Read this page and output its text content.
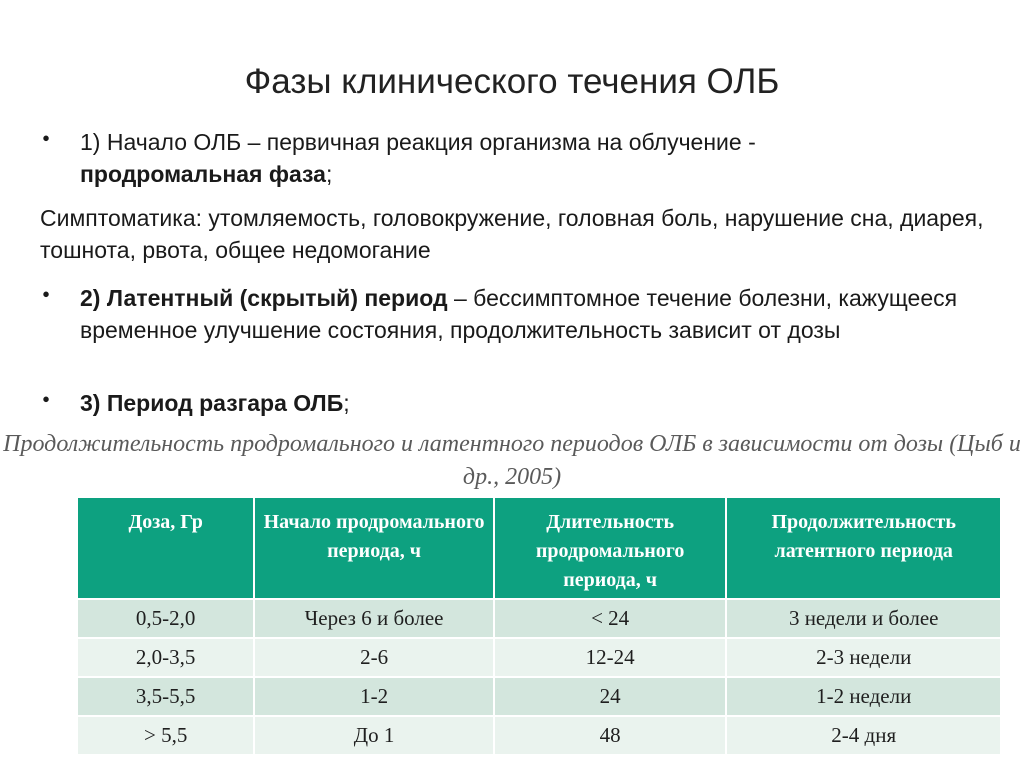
Фазы клинического течения ОЛБ
• 1) Начало ОЛБ – первичная реакция организма на облучение -
продромальная фаза;
Симптоматика: утомляемость, головокружение, головная боль, нарушение сна, диарея, тошнота, рвота, общее недомогание
• 2) Латентный (скрытый) период – бессимптомное течение болезни, кажущееся временное улучшение состояния, продолжительность зависит от дозы
• 3) Период разгара ОЛБ;
Продолжительность продромального и латентного периодов ОЛБ в зависимости от дозы (Цыб и др., 2005)
Доза, Гр	Начало продромального периода, ч	Длительность продромального периода, ч	Продолжительность латентного периода
0,5-2,0	Через 6 и более	< 24	3 недели и более
2,0-3,5	2-6	12-24	2-3 недели
3,5-5,5	1-2	24	1-2 недели
> 5,5	До 1	48	2-4 дня
